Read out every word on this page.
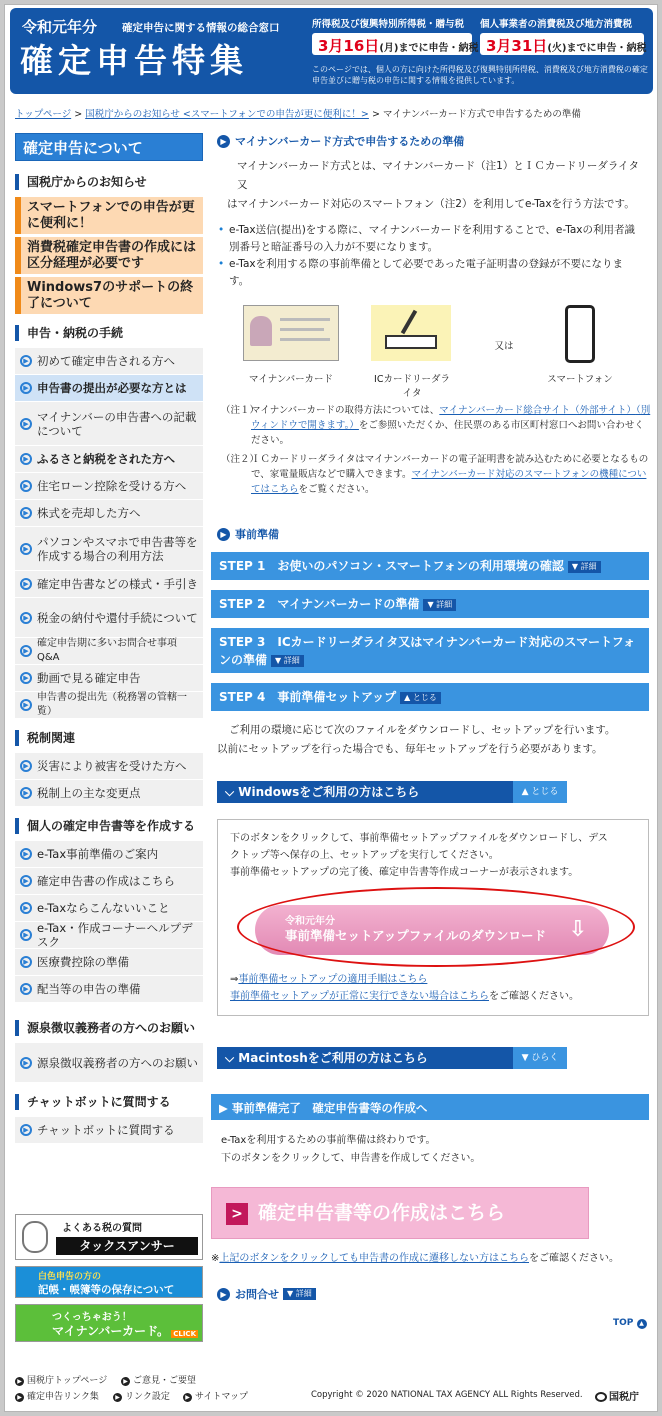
令和元年分 確定申告に関する情報の総合窓口
確定申告特集
所得税及び復興特別所得税・贈与税
3月16日(月)までに申告・納税
個人事業者の消費税及び地方消費税
3月31日(火)までに申告・納税
このページでは、個人の方に向けた所得税及び復興特別所得税、消費税及び地方消費税の確定申告並びに贈与税の申告に関する情報を提供しています。
トップページ > 国税庁からのお知らせ <スマートフォンでの申告が更に便利に！> > マイナンバーカード方式で申告するための準備
確定申告について
国税庁からのお知らせ
スマートフォンでの申告が更に便利に！
消費税確定申告書の作成には区分経理が必要です
Windows7のサポートの終了について
申告・納税の手続
▶ 初めて確定申告される方へ
▶ 申告書の提出が必要な方とは
▶ マイナンバーの申告書への記載について
▶ ふるさと納税をされた方へ
▶ 住宅ローン控除を受ける方へ
▶ 株式を売却した方へ
▶ パソコンやスマホで申告書等を作成する場合の利用方法
▶ 確定申告書などの様式・手引き
▶ 税金の納付や還付手続について
▶
確定申告期に多いお問合せ事項Q&A
▶ 動画で見る確定申告
▶
申告書の提出先（税務署の管轄一覧）
税制関連
▶ 災害により被害を受けた方へ
▶ 税制上の主な変更点
個人の確定申告書等を作成する
▶ e-Tax事前準備のご案内
▶ 確定申告書の作成はこちら
▶ e-Taxならこんないいこと
▶ e-Tax・作成コーナーヘルプデスク
▶ 医療費控除の準備
▶ 配当等の申告の準備
源泉徴収義務者の方へのお願い
▶ 源泉徴収義務者の方へのお願い
チャットボットに質問する
▶ チャットボットに質問する
よくある税の質問
タックスアンサー
白色申告の方の
記帳・帳簿等の保存について
つくっちゃおう！
マイナンバーカード。 CLICK
▶ マイナンバーカード方式で申告するための準備
マイナンバーカード方式とは、マイナンバーカード（注1）とＩＣカードリーダライタ又
はマイナンバーカード対応のスマートフォン（注2）を利用してe-Taxを行う方法です。
• e-Tax送信(提出)をする際に、マイナンバーカードを利用することで、e-Taxの利用者識
別番号と暗証番号の入力が不要になります。
• e-Taxを利用する際の事前準備として必要であった電子証明書の登録が不要になりま
す。
マイナンバーカード	ICカードリーダライタ
又は
スマートフォン
（注１）
マイナンバーカードの取得方法については、マイナンバーカード総合サイト（外部サイト）（別ウィンドウで開きます。）をご参照いただくか、住民票のある市区町村窓口へお問い合わせください。
（注２）
ＩＣカードリーダライタはマイナンバーカードの電子証明書を読み込むために必要となるもので、家電量販店などで購入できます。マイナンバーカード対応のスマートフォンの機種についてはこちらをご覧ください。
▶ 事前準備
STEP 1　お使いのパソコン・スマートフォンの利用環境の確認 ▼ 詳細
STEP 2　マイナンバーカードの準備 ▼ 詳細
STEP 3　ICカードリーダライタ又はマイナンバーカード対応のスマートフォンの準備 ▼ 詳細
STEP 4　事前準備セットアップ ▲ とじる
ご利用の環境に応じて次のファイルをダウンロードし、セットアップを行います。
以前にセットアップを行った場合でも、毎年セットアップを行う必要があります。
⌵ Windowsをご利用の方はこちら	▲ とじる
下のボタンをクリックして、事前準備セットアップファイルをダウンロードし、デス
クトップ等へ保存の上、セットアップを実行してください。
事前準備セットアップの完了後、確定申告書等作成コーナーが表示されます。
⇒事前準備セットアップの適用手順はこちら
事前準備セットアップが正常に実行できない場合はこちらをご確認ください。
令和元年分
事前準備セットアップファイルのダウンロード ⇩
⌵ Macintoshをご利用の方はこちら	▼ ひらく
▶ 事前準備完了　確定申告書等の作成へ
e-Taxを利用するための事前準備は終わりです。
下のボタンをクリックして、申告書を作成してください。
> 確定申告書等の作成はこちら
※上記のボタンをクリックしても申告書の作成に遷移しない方はこちらをご確認ください。
▶ お問合せ	▼ 詳細
TOP ▲
▶ 国税庁トップページ	▶ ご意見・ご要望
▶ 確定申告リンク集	▶ リンク設定	▶ サイトマップ	Copyright © 2020 NATIONAL TAX AGENCY ALL Rights Reserved.	国税庁
